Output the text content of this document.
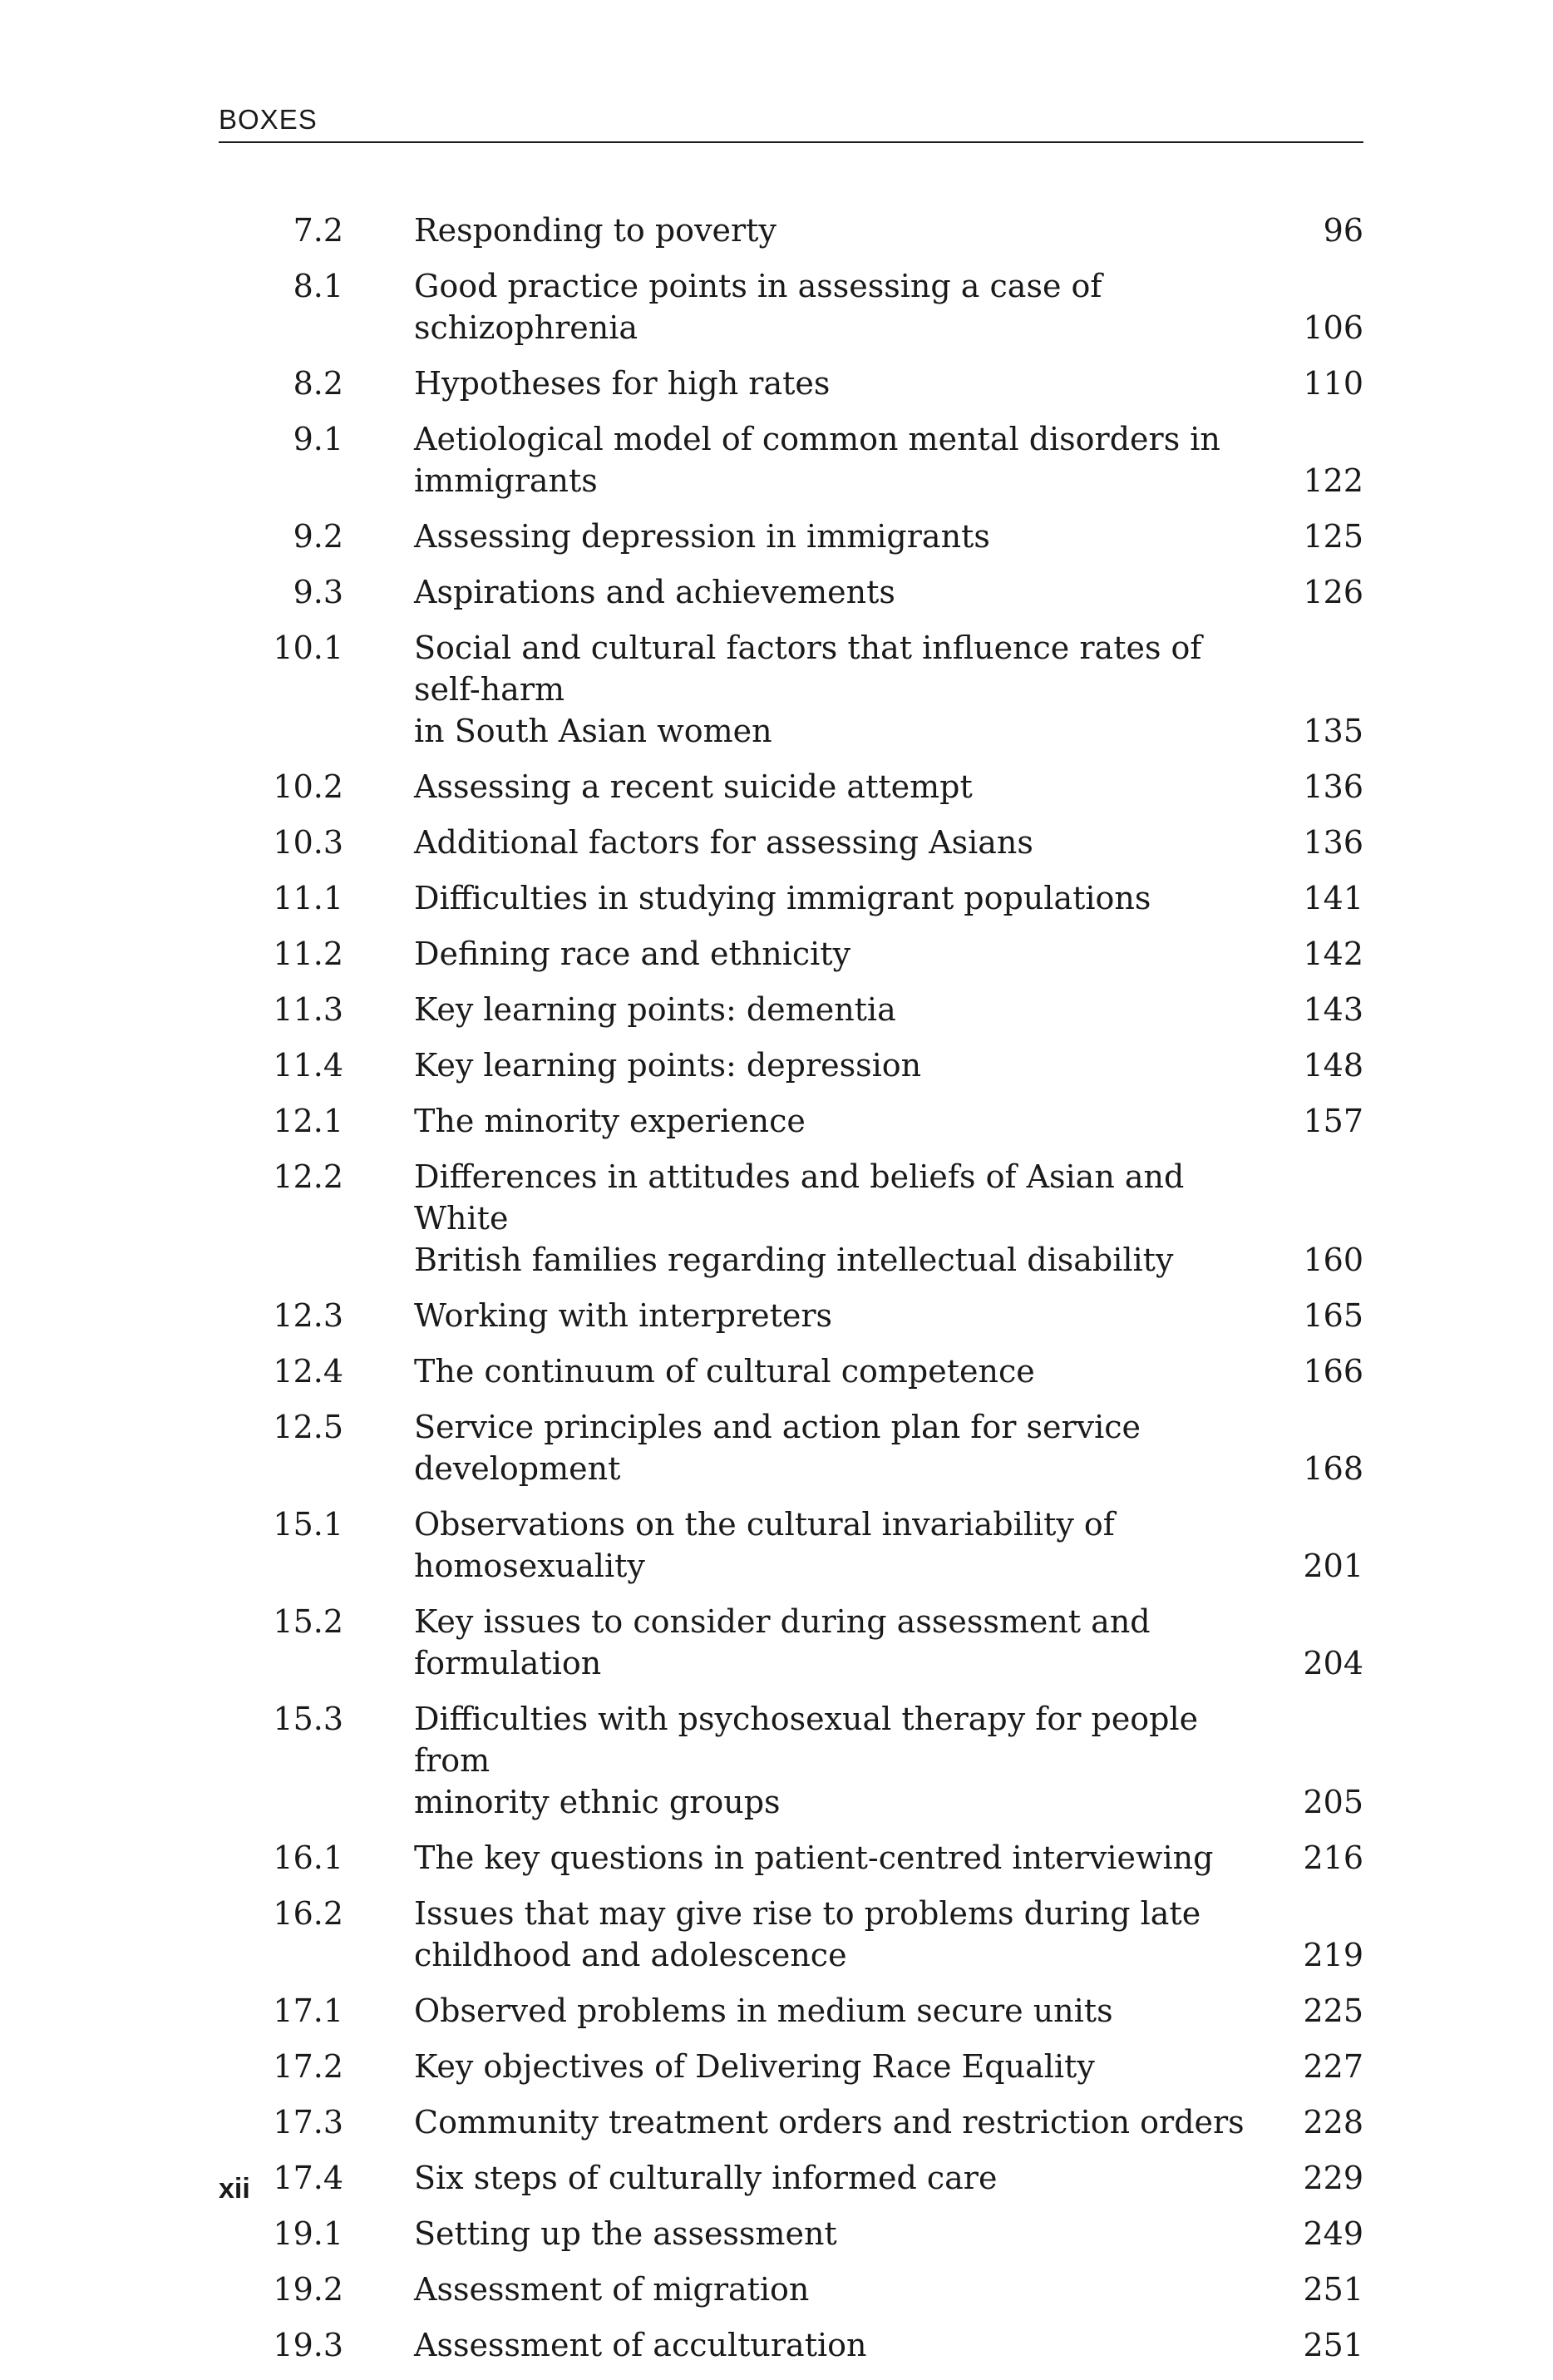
BOXES
7.2 Responding to poverty	96
8.1 Good practice points in assessing a case of schizophrenia	106
8.2 Hypotheses for high rates	110
9.1 Aetiological model of common mental disorders in
immigrants	122
9.2 Assessing depression in immigrants	125
9.3 Aspirations and achievements	126
10.1 Social and cultural factors that influence rates of self-harm
in South Asian women	135
10.2 Assessing a recent suicide attempt	136
10.3 Additional factors for assessing Asians	136
11.1 Difficulties in studying immigrant populations	141
11.2 Defining race and ethnicity	142
11.3 Key learning points: dementia	143
11.4 Key learning points: depression	148
12.1 The minority experience	157
12.2 Differences in attitudes and beliefs of Asian and White
British families regarding intellectual disability	160
12.3 Working with interpreters	165
12.4 The continuum of cultural competence	166
12.5 Service principles and action plan for service development	168
15.1 Observations on the cultural invariability of homosexuality	201
15.2 Key issues to consider during assessment and formulation	204
15.3 Difficulties with psychosexual therapy for people from
minority ethnic groups	205
16.1 The key questions in patient-centred interviewing	216
16.2 Issues that may give rise to problems during late
childhood and adolescence	219
17.1 Observed problems in medium secure units	225
17.2 Key objectives of Delivering Race Equality	227
17.3 Community treatment orders and restriction orders	228
17.4 Six steps of culturally informed care	229
19.1 Setting up the assessment	249
19.2 Assessment of migration	251
19.3 Assessment of acculturation	251
xii
